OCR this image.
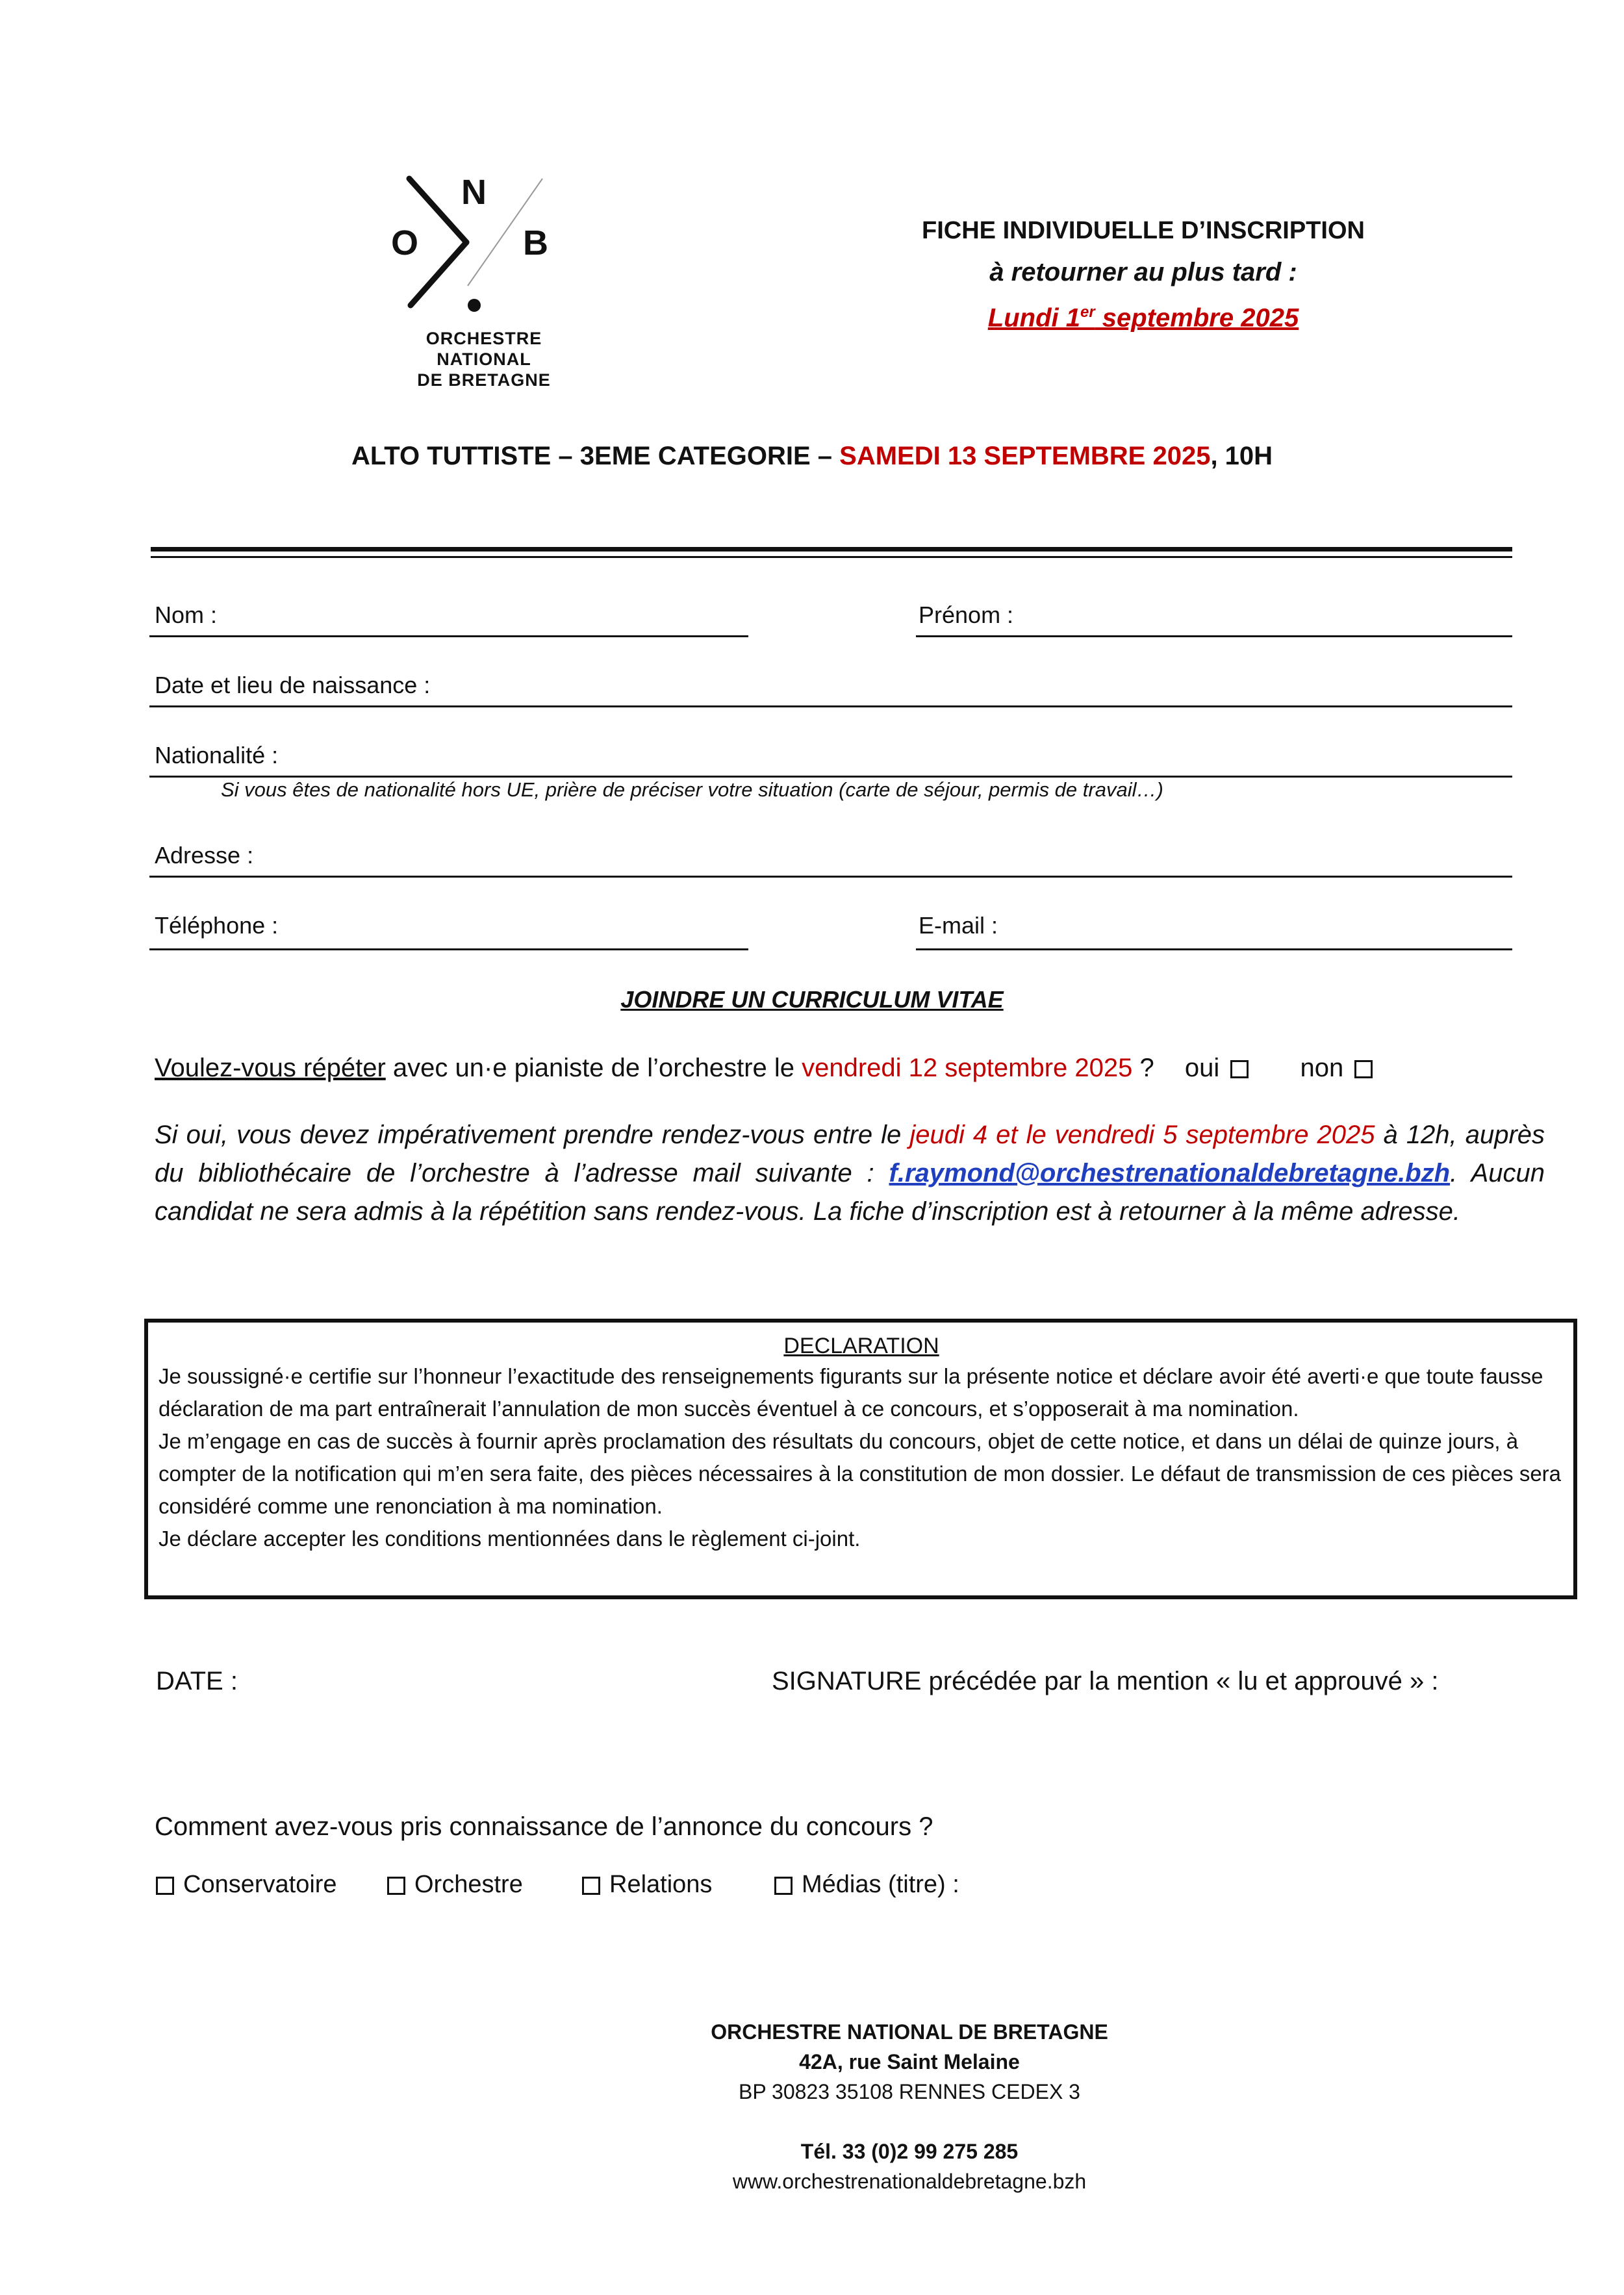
N
O	B
ORCHESTRE
NATIONAL
DE BRETAGNE
FICHE INDIVIDUELLE D’INSCRIPTION
à retourner au plus tard :
Lundi 1er septembre 2025
ALTO TUTTISTE – 3EME CATEGORIE – SAMEDI 13 SEPTEMBRE 2025, 10H
Nom :	Prénom :
Date et lieu de naissance :
Nationalité :
Si vous êtes de nationalité hors UE, prière de préciser votre situation (carte de séjour, permis de travail…)
Adresse :
Téléphone :	E-mail :
JOINDRE UN CURRICULUM VITAE
Voulez-vous répéter avec un·e pianiste de l’orchestre le vendredi 12 septembre 2025 ? oui	non
Si oui, vous devez impérativement prendre rendez-vous entre le jeudi 4 et le vendredi 5 septembre 2025 à 12h, auprès du bibliothécaire de l’orchestre à l’adresse mail suivante : f.raymond@orchestrenationaldebretagne.bzh. Aucun candidat ne sera admis à la répétition sans rendez-vous. La fiche d’inscription est à retourner à la même adresse.
DECLARATION

Je soussigné·e certifie sur l’honneur l’exactitude des renseignements figurants sur la présente notice et déclare avoir été averti·e que toute fausse déclaration de ma part entraînerait l’annulation de mon succès éventuel à ce concours, et s’opposerait à ma nomination.

Je m’engage en cas de succès à fournir après proclamation des résultats du concours, objet de cette notice, et dans un délai de quinze jours, à compter de la notification qui m’en sera faite, des pièces nécessaires à la constitution de mon dossier. Le défaut de transmission de ces pièces sera considéré comme une renonciation à ma nomination.

Je déclare accepter les conditions mentionnées dans le règlement ci-joint.

DATE :	SIGNATURE précédée par la mention « lu et approuvé » :
Comment avez-vous pris connaissance de l’annonce du concours ?
Conservatoire	Orchestre	Relations	Médias (titre) :
ORCHESTRE NATIONAL DE BRETAGNE
42A, rue Saint Melaine
BP 30823 35108 RENNES CEDEX 3
Tél. 33 (0)2 99 275 285
www.orchestrenationaldebretagne.bzh
